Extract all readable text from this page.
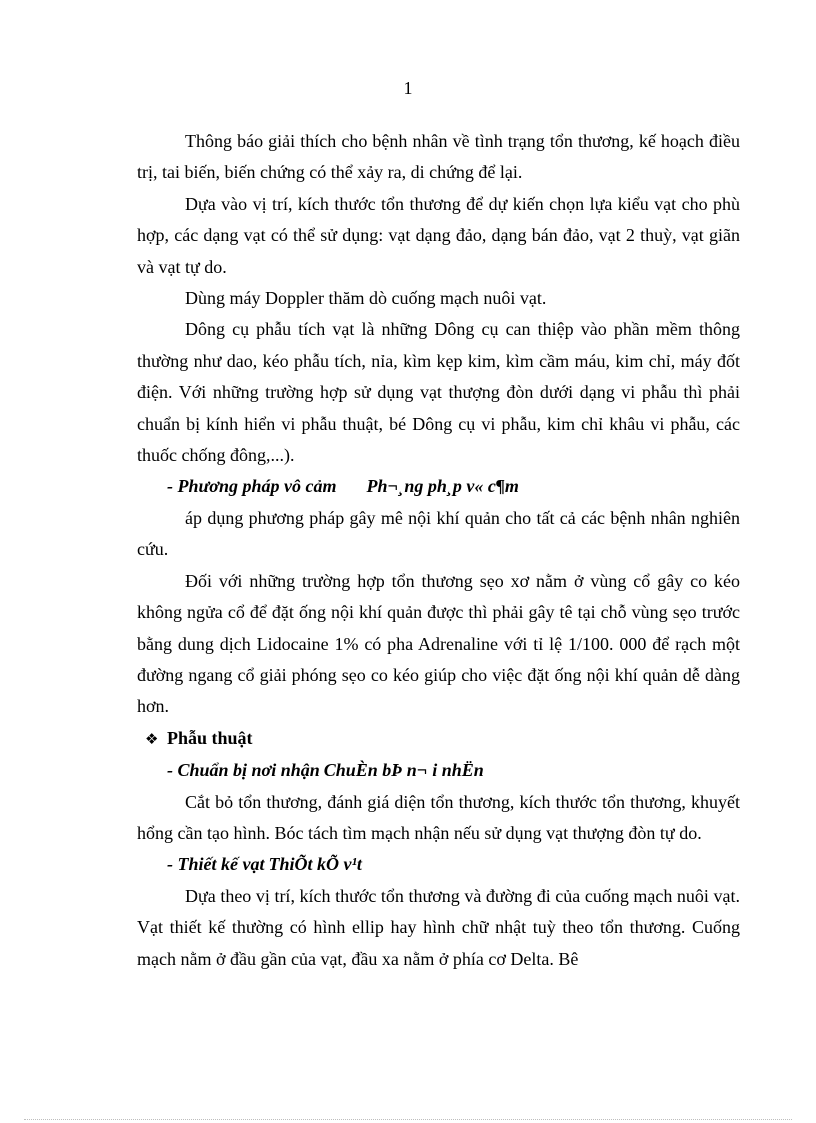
1

Thông báo giải thích cho bệnh nhân về tình trạng tổn thương, kế hoạch điều trị, tai biến, biến chứng có thể xảy ra, di chứng để lại.

Dựa vào vị trí, kích thước tổn thương để dự kiến chọn lựa kiểu vạt cho phù hợp, các dạng vạt có thể sử dụng: vạt dạng đảo, dạng bán đảo, vạt 2 thuỳ, vạt giãn và vạt tự do.

Dùng máy Doppler thăm dò cuống mạch nuôi vạt.

Dông cụ phẫu tích vạt là những Dông cụ can thiệp vào phần mềm thông thường như dao, kéo phẫu tích, nỉa, kìm kẹp kim, kìm cầm máu, kim chỉ, máy đốt điện. Với những trường hợp sử dụng vạt thượng đòn dưới dạng vi phẫu thì phải chuẩn bị kính hiển vi phẫu thuật, bé Dông cụ vi phẫu, kim chỉ khâu vi phẫu, các thuốc chống đông,...).

- Phương pháp vô cảm Ph¬¸ng ph¸p v« c¶m

áp dụng phương pháp gây mê nội khí quản cho tất cả các bệnh nhân nghiên cứu.

Đối với những trường hợp tổn thương sẹo xơ nằm ở vùng cổ gây co kéo không ngửa cổ để đặt ống nội khí quản được thì phải gây tê tại chỗ vùng sẹo trước bằng dung dịch Lidocaine 1% có pha Adrenaline với tỉ lệ 1/100. 000 để rạch một đường ngang cổ giải phóng sẹo co kéo giúp cho việc đặt ống nội khí quản dễ dàng hơn.

❖ Phẫu thuật

- Chuẩn bị nơi nhận ChuÈn bÞ n¬ i nhËn

Cắt bỏ tổn thương, đánh giá diện tổn thương, kích thước tổn thương, khuyết hổng cần tạo hình. Bóc tách tìm mạch nhận nếu sử dụng vạt thượng đòn tự do.

- Thiết kế vạt ThiÕt kÕ v¹t

Dựa theo vị trí, kích thước tổn thương và đường đi của cuống mạch nuôi vạt. Vạt thiết kế thường có hình ellip hay hình chữ nhật tuỳ theo tổn thương. Cuống mạch nằm ở đầu gần của vạt, đầu xa nằm ở phía cơ Delta. Bê
